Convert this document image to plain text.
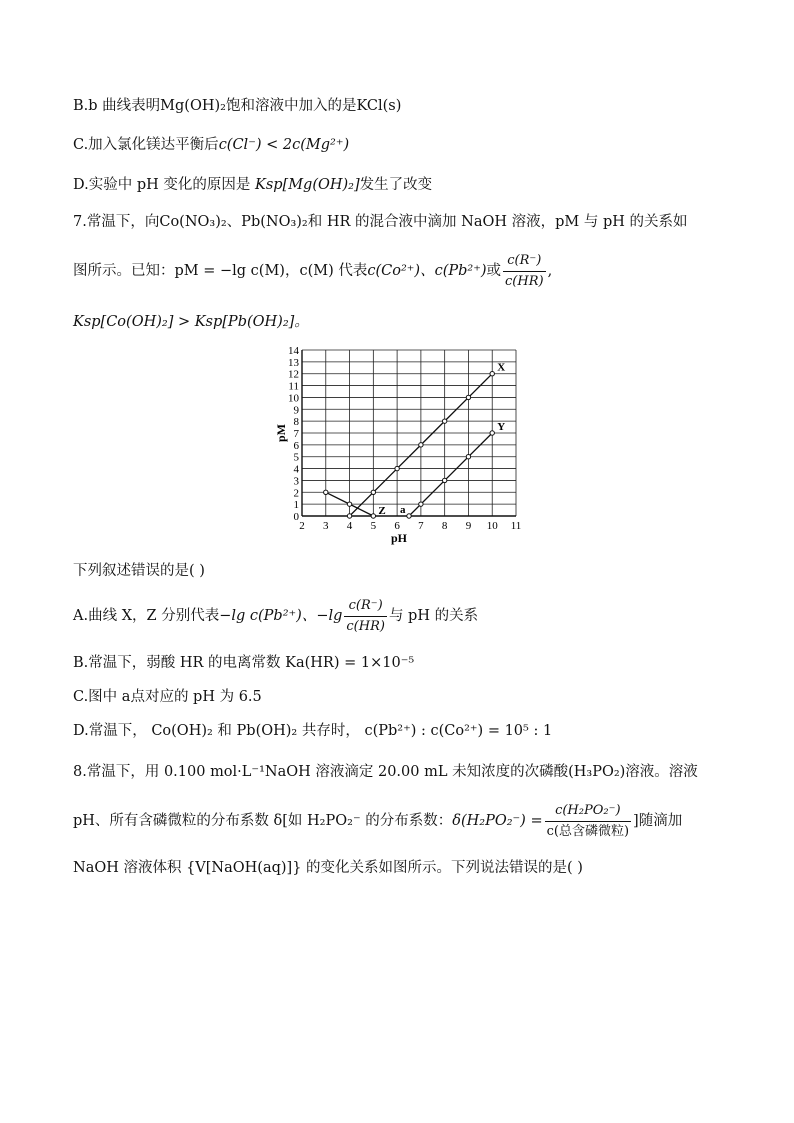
B.b 曲线表明Mg(OH)₂饱和溶液中加入的是KCl(s)
C.加入氯化镁达平衡后c(Cl⁻) < 2c(Mg²⁺)
D.实验中 pH 变化的原因是 Ksp[Mg(OH)₂]发生了改变
7.常温下，向Co(NO₃)₂、Pb(NO₃)₂和 HR 的混合液中滴加 NaOH 溶液，pM 与 pH 的关系如
图所示。已知：pM = −lg c(M)，c(M) 代表 c(Co²⁺)、c(Pb²⁺) 或 $\frac{c(R^-)}{c(HR)}$ ,
Ksp[Co(OH)₂] > Ksp[Pb(OH)₂]。
2 3 4 5 6 7 8 9 10 11
0
1
2
3
4
5
6
7
8
9
10
11
12
13
14
pH
pM
X
Y
Z a
下列叙述错误的是( )
A.曲线 X，Z 分别代表 −lg c(Pb²⁺)、$-\lg \frac{c(R^-)}{c(HR)}$ 与 pH 的关系
B.常温下，弱酸 HR 的电离常数 Ka(HR) = 1×10⁻⁵
C.图中 a点对应的 pH 为 6.5
D.常温下， Co(OH)₂ 和 Pb(OH)₂ 共存时， c(Pb²⁺) : c(Co²⁺) = 10⁵ : 1
8.常温下，用 0.100 mol·L⁻¹NaOH 溶液滴定 20.00 mL 未知浓度的次磷酸(H₃PO₂)溶液。溶液
pH、所有含磷微粒的分布系数 δ[如 H₂PO₂⁻ 的分布系数： $\delta(H_2PO_2^-) = \frac{\text{c(H₂PO₂⁻)}}{\text{c(总含磷微粒)}}$ ]随滴加
NaOH 溶液体积 {V[NaOH(aq)]} 的变化关系如图所示。下列说法错误的是( )
